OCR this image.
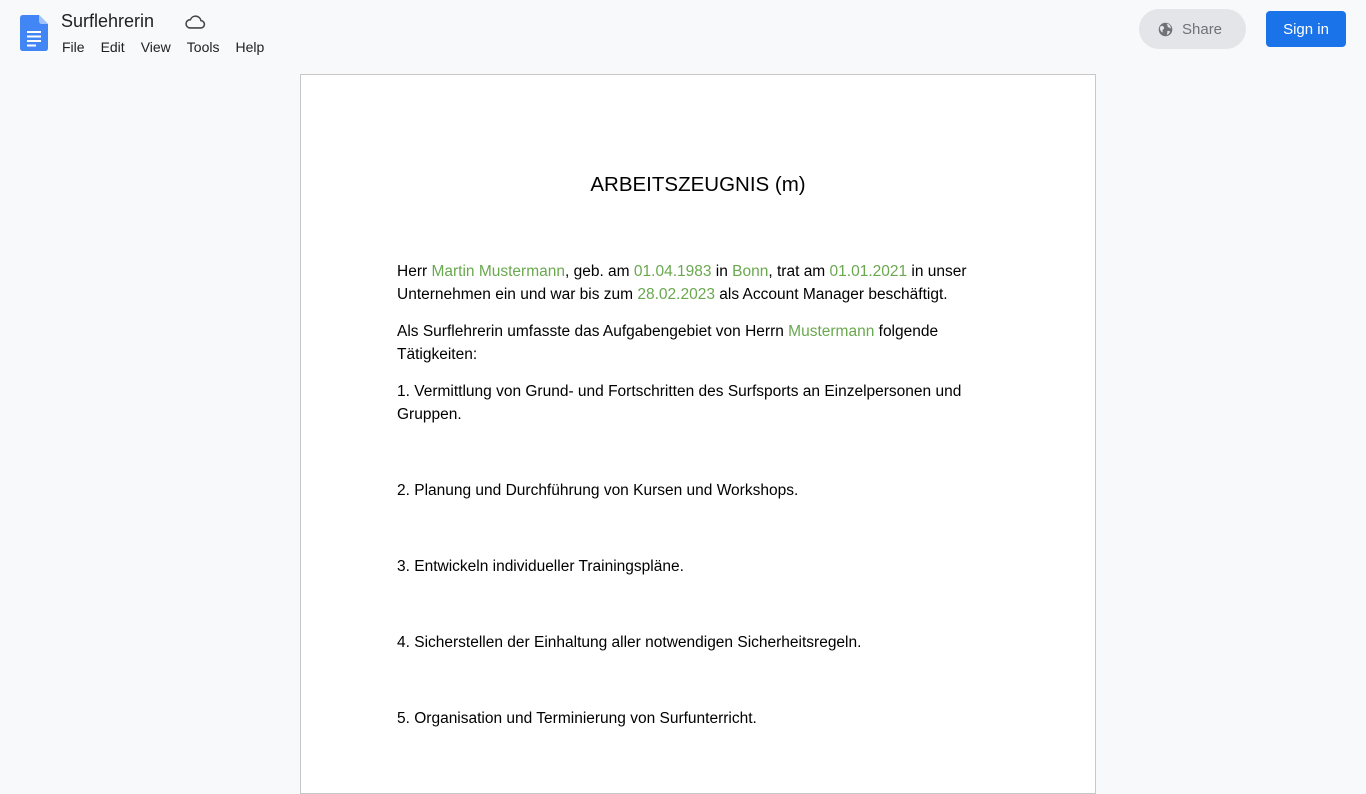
Surflehrerin
File	Edit	View	Tools	Help
Share	Sign in
ARBEITSZEUGNIS (m)
Herr Martin Mustermann, geb. am 01.04.1983 in Bonn, trat am 01.01.2021 in unser Unternehmen ein und war bis zum 28.02.2023 als Account Manager beschäftigt.
Als Surflehrerin umfasste das Aufgabengebiet von Herrn Mustermann folgende Tätigkeiten:
1. Vermittlung von Grund- und Fortschritten des Surfsports an Einzelpersonen und Gruppen.
2. Planung und Durchführung von Kursen und Workshops.
3. Entwickeln individueller Trainingspläne.
4. Sicherstellen der Einhaltung aller notwendigen Sicherheitsregeln.
5. Organisation und Terminierung von Surfunterricht.
